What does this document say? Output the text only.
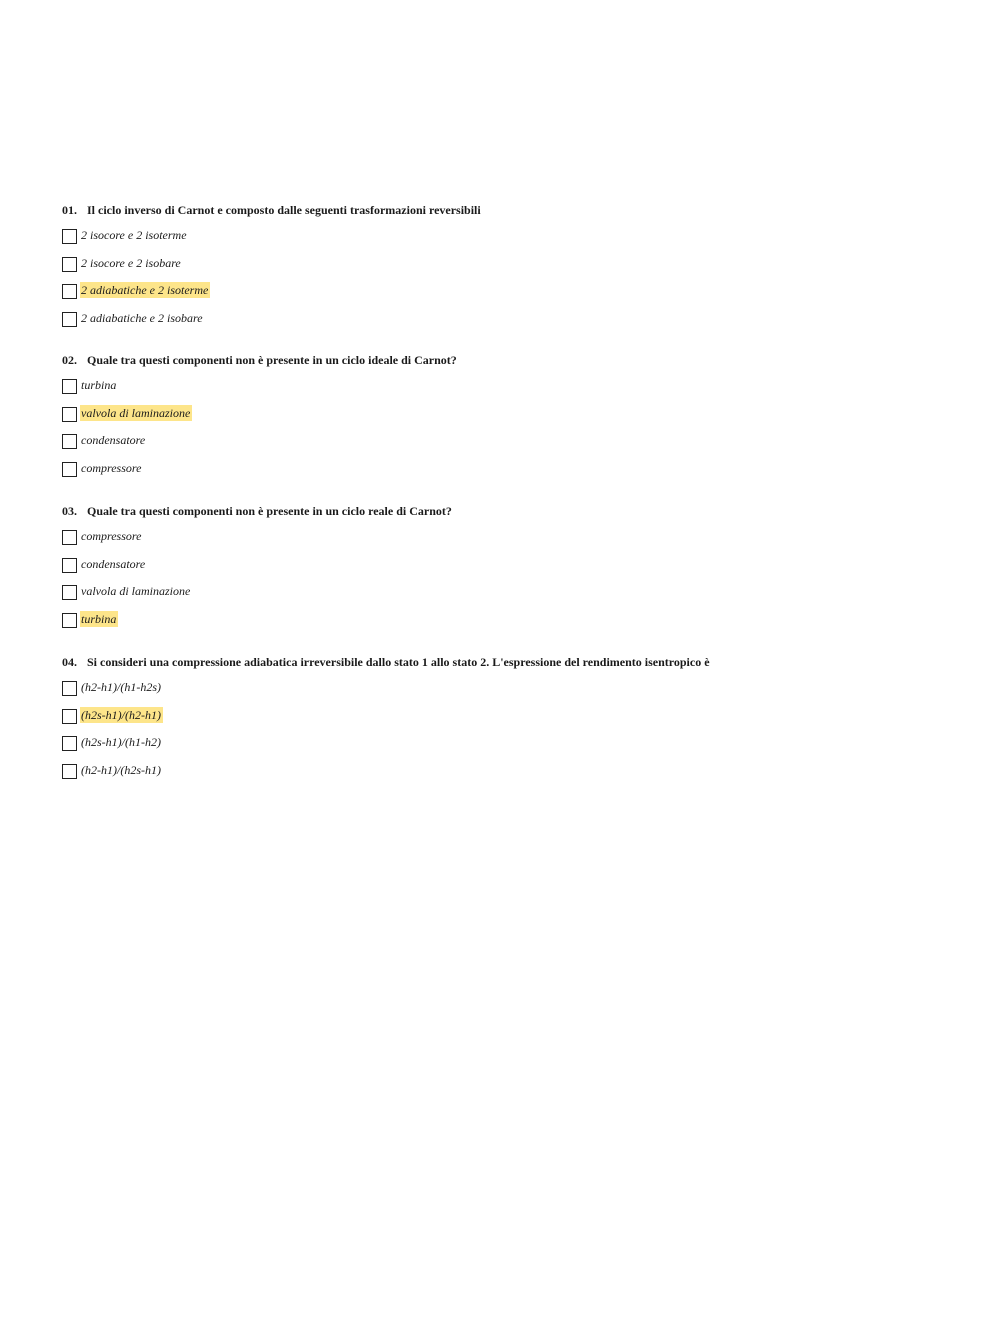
01. Il ciclo inverso di Carnot e composto dalle seguenti trasformazioni reversibili
2 isocore e 2 isoterme
2 isocore e 2 isobare
2 adiabatiche e 2 isoterme
2 adiabatiche e 2 isobare
02. Quale tra questi componenti non è presente in un ciclo ideale di Carnot?
turbina
valvola di laminazione
condensatore
compressore
03. Quale tra questi componenti non è presente in un ciclo reale di Carnot?
compressore
condensatore
valvola di laminazione
turbina
04. Si consideri una compressione adiabatica irreversibile dallo stato 1 allo stato 2. L'espressione del rendimento isentropico è
(h2-h1)/(h1-h2s)
(h2s-h1)/(h2-h1)
(h2s-h1)/(h1-h2)
(h2-h1)/(h2s-h1)
